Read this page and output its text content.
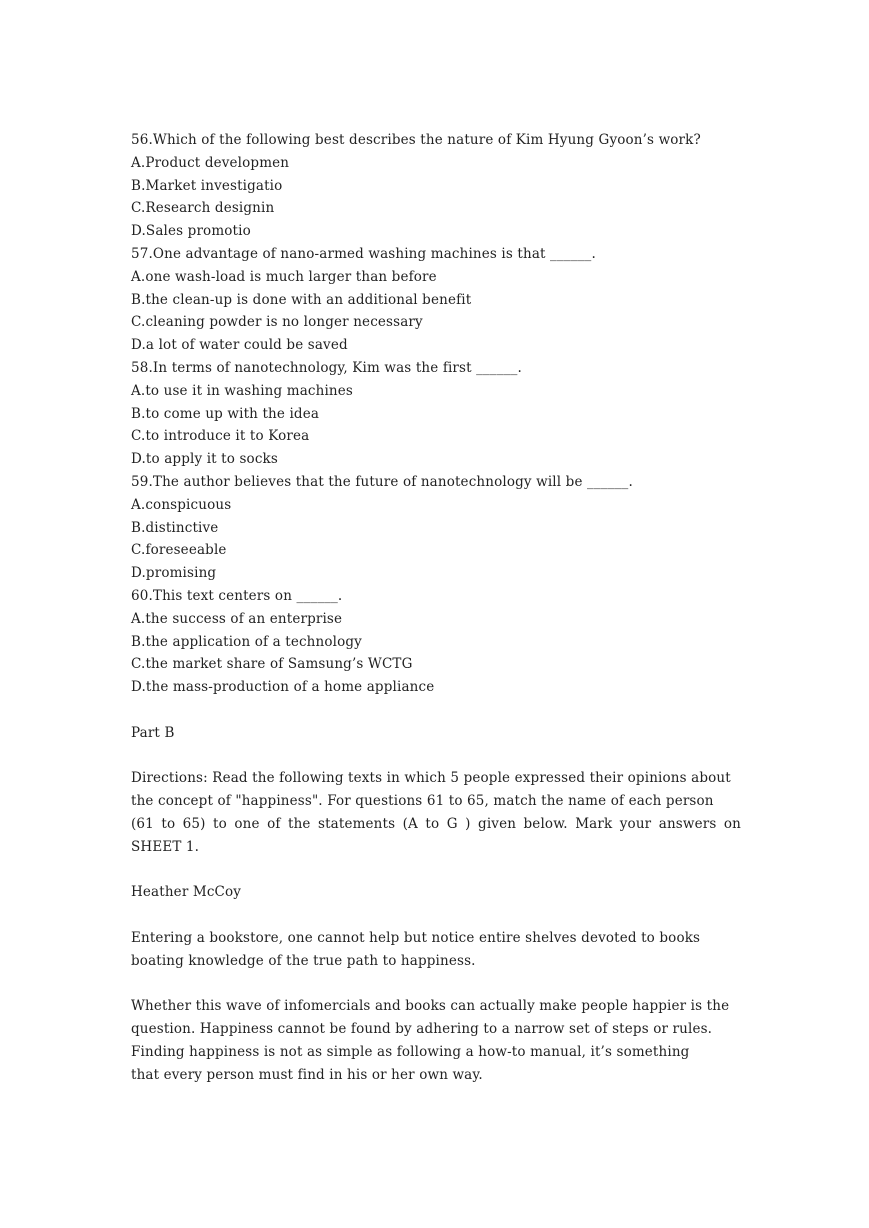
56.Which of the following best describes the nature of Kim Hyung Gyoon’s work?
A.Product developmen
B.Market investigatio
C.Research designin
D.Sales promotio
57.One advantage of nano-armed washing machines is that ______.
A.one wash-load is much larger than before
B.the clean-up is done with an additional benefit
C.cleaning powder is no longer necessary
D.a lot of water could be saved
58.In terms of nanotechnology, Kim was the first ______.
A.to use it in washing machines
B.to come up with the idea
C.to introduce it to Korea
D.to apply it to socks
59.The author believes that the future of nanotechnology will be ______.
A.conspicuous
B.distinctive
C.foreseeable
D.promising
60.This text centers on ______.
A.the success of an enterprise
B.the application of a technology
C.the market share of Samsung’s WCTG
D.the mass-production of a home appliance
Part B
Directions: Read the following texts in which 5 people expressed their opinions about
the concept of "happiness". For questions 61 to 65, match the name of each person
(61 to 65) to one of the statements (A to G ) given below. Mark your answers on
SHEET 1.
Heather McCoy
Entering a bookstore, one cannot help but notice entire shelves devoted to books
boating knowledge of the true path to happiness.
Whether this wave of infomercials and books can actually make people happier is the
question. Happiness cannot be found by adhering to a narrow set of steps or rules.
Finding happiness is not as simple as following a how-to manual, it’s something
that every person must find in his or her own way.
